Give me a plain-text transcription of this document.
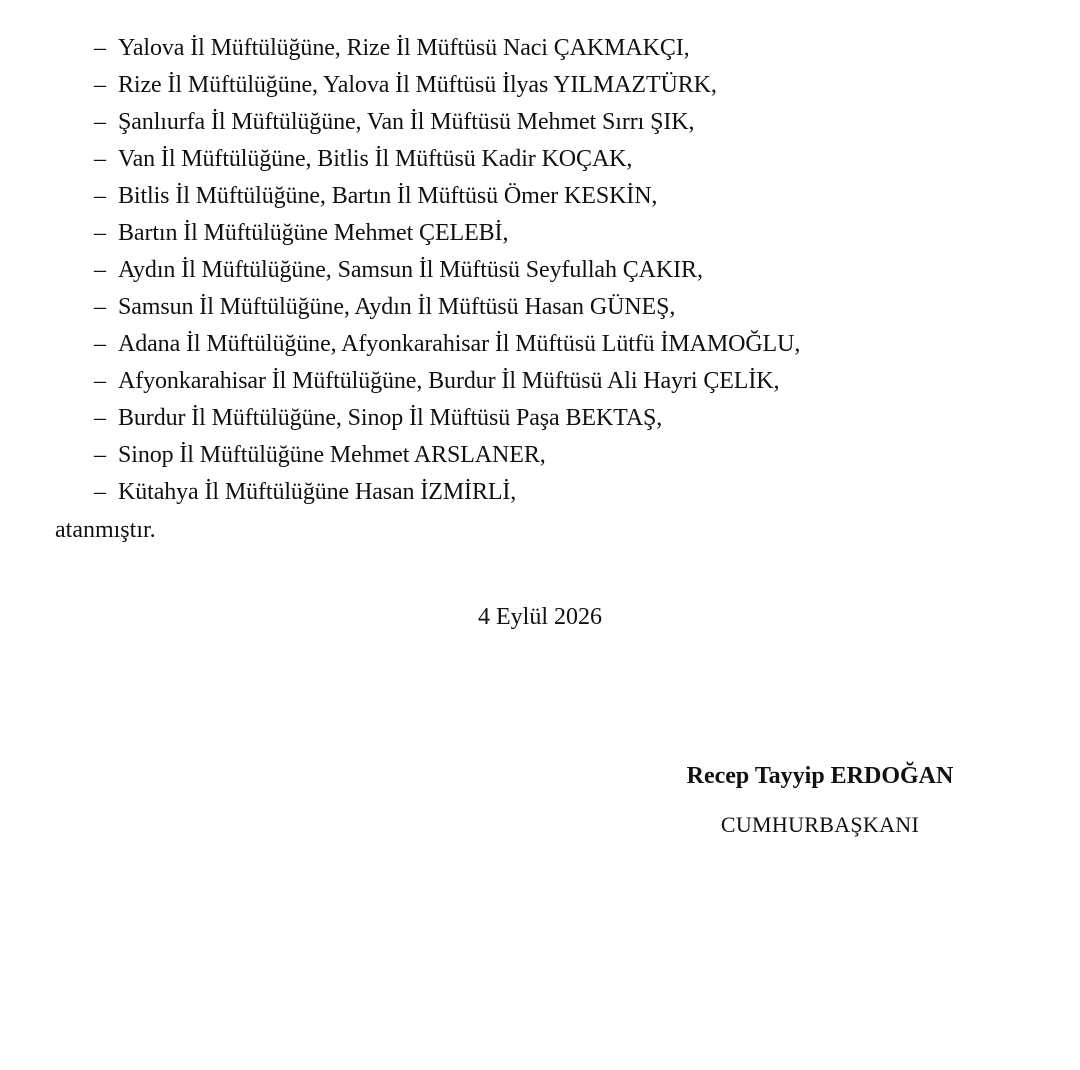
– Yalova İl Müftülüğüne, Rize İl Müftüsü Naci ÇAKMAKÇI,
– Rize İl Müftülüğüne, Yalova İl Müftüsü İlyas YILMAZTÜRK,
– Şanlıurfa İl Müftülüğüne, Van İl Müftüsü Mehmet Sırrı ŞIK,
– Van İl Müftülüğüne, Bitlis İl Müftüsü Kadir KOÇAK,
– Bitlis İl Müftülüğüne, Bartın İl Müftüsü Ömer KESKİN,
– Bartın İl Müftülüğüne Mehmet ÇELEBİ,
– Aydın İl Müftülüğüne, Samsun İl Müftüsü Seyfullah ÇAKIR,
– Samsun İl Müftülüğüne, Aydın İl Müftüsü Hasan GÜNEŞ,
– Adana İl Müftülüğüne, Afyonkarahisar İl Müftüsü Lütfü İMAMOĞLU,
– Afyonkarahisar İl Müftülüğüne, Burdur İl Müftüsü Ali Hayri ÇELİK,
– Burdur İl Müftülüğüne, Sinop İl Müftüsü Paşa BEKTAŞ,
– Sinop İl Müftülüğüne Mehmet ARSLANER,
– Kütahya İl Müftülüğüne Hasan İZMİRLİ,
atanmıştır.
4 Eylül 2026
Recep Tayyip ERDOĞAN
CUMHURBAŞKANI
